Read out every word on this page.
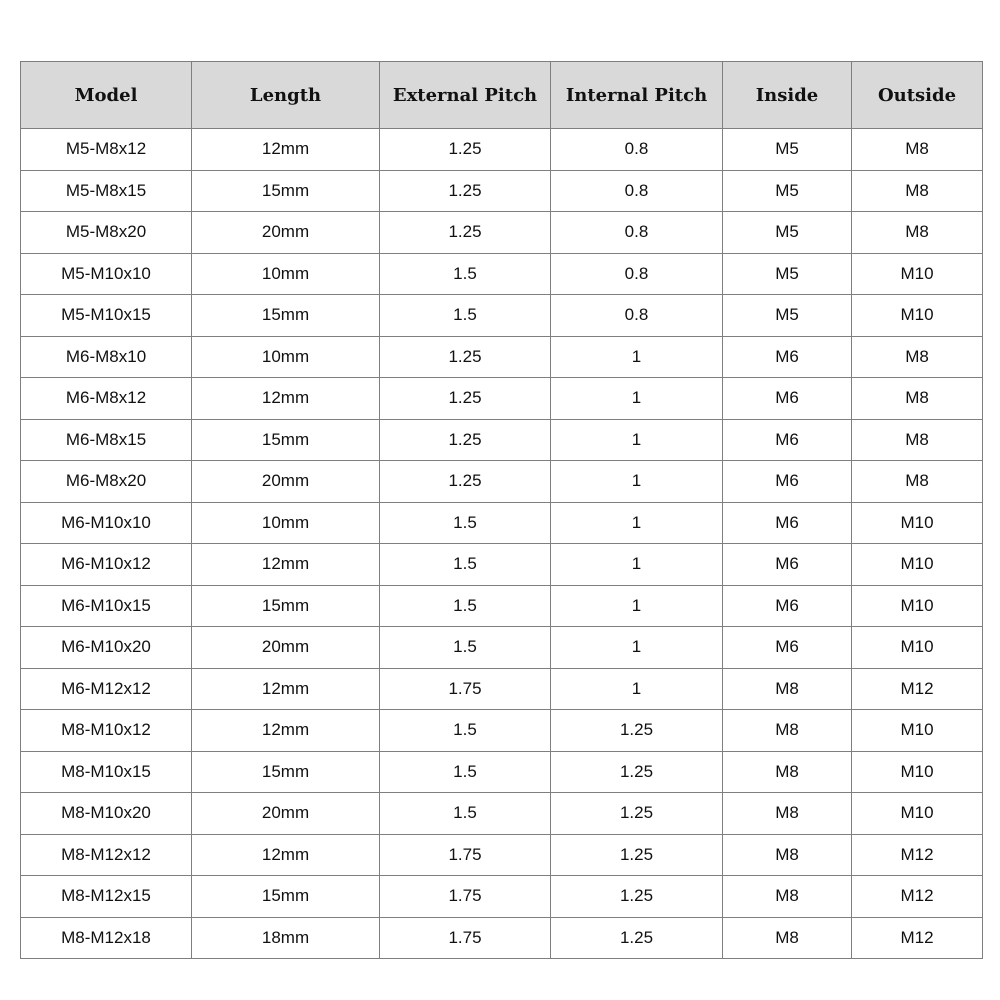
Model	Length	External Pitch	Internal Pitch	Inside	Outside
M5-M8x12	12mm	1.25	0.8	M5	M8
M5-M8x15	15mm	1.25	0.8	M5	M8
M5-M8x20	20mm	1.25	0.8	M5	M8
M5-M10x10	10mm	1.5	0.8	M5	M10
M5-M10x15	15mm	1.5	0.8	M5	M10
M6-M8x10	10mm	1.25	1	M6	M8
M6-M8x12	12mm	1.25	1	M6	M8
M6-M8x15	15mm	1.25	1	M6	M8
M6-M8x20	20mm	1.25	1	M6	M8
M6-M10x10	10mm	1.5	1	M6	M10
M6-M10x12	12mm	1.5	1	M6	M10
M6-M10x15	15mm	1.5	1	M6	M10
M6-M10x20	20mm	1.5	1	M6	M10
M6-M12x12	12mm	1.75	1	M8	M12
M8-M10x12	12mm	1.5	1.25	M8	M10
M8-M10x15	15mm	1.5	1.25	M8	M10
M8-M10x20	20mm	1.5	1.25	M8	M10
M8-M12x12	12mm	1.75	1.25	M8	M12
M8-M12x15	15mm	1.75	1.25	M8	M12
M8-M12x18	18mm	1.75	1.25	M8	M12
